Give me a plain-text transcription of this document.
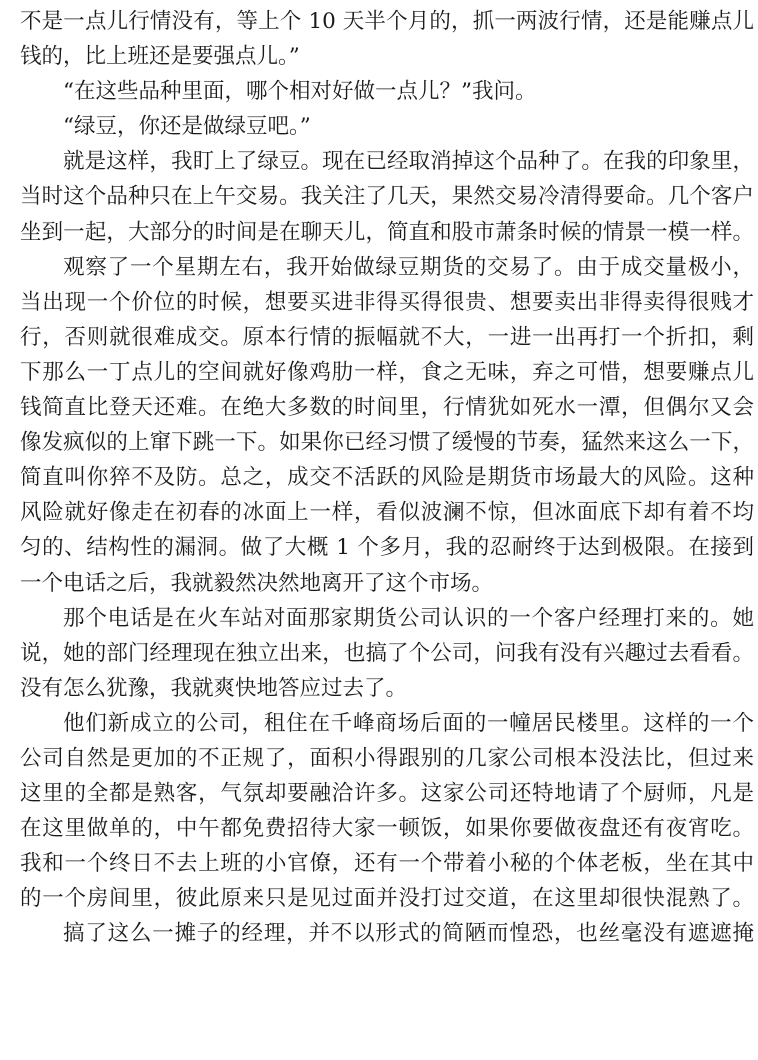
不是一点儿行情没有，等上个 10 天半个月的，抓一两波行情，还是能赚点儿
钱的，比上班还是要强点儿。”
“在这些品种里面，哪个相对好做一点儿？”我问。
“绿豆，你还是做绿豆吧。”
就是这样，我盯上了绿豆。现在已经取消掉这个品种了。在我的印象里，
当时这个品种只在上午交易。我关注了几天，果然交易冷清得要命。几个客户
坐到一起，大部分的时间是在聊天儿，简直和股市萧条时候的情景一模一样。
观察了一个星期左右，我开始做绿豆期货的交易了。由于成交量极小，
当出现一个价位的时候，想要买进非得买得很贵、想要卖出非得卖得很贱才
行，否则就很难成交。原本行情的振幅就不大，一进一出再打一个折扣，剩
下那么一丁点儿的空间就好像鸡肋一样，食之无味，弃之可惜，想要赚点儿
钱简直比登天还难。在绝大多数的时间里，行情犹如死水一潭，但偶尔又会
像发疯似的上窜下跳一下。如果你已经习惯了缓慢的节奏，猛然来这么一下，
简直叫你猝不及防。总之，成交不活跃的风险是期货市场最大的风险。这种
风险就好像走在初春的冰面上一样，看似波澜不惊，但冰面底下却有着不均
匀的、结构性的漏洞。做了大概 1 个多月，我的忍耐终于达到极限。在接到
一个电话之后，我就毅然决然地离开了这个市场。
那个电话是在火车站对面那家期货公司认识的一个客户经理打来的。她
说，她的部门经理现在独立出来，也搞了个公司，问我有没有兴趣过去看看。
没有怎么犹豫，我就爽快地答应过去了。
他们新成立的公司，租住在千峰商场后面的一幢居民楼里。这样的一个
公司自然是更加的不正规了，面积小得跟别的几家公司根本没法比，但过来
这里的全都是熟客，气氛却要融洽许多。这家公司还特地请了个厨师，凡是
在这里做单的，中午都免费招待大家一顿饭，如果你要做夜盘还有夜宵吃。
我和一个终日不去上班的小官僚，还有一个带着小秘的个体老板，坐在其中
的一个房间里，彼此原来只是见过面并没打过交道，在这里却很快混熟了。
搞了这么一摊子的经理，并不以形式的简陋而惶恐，也丝毫没有遮遮掩
